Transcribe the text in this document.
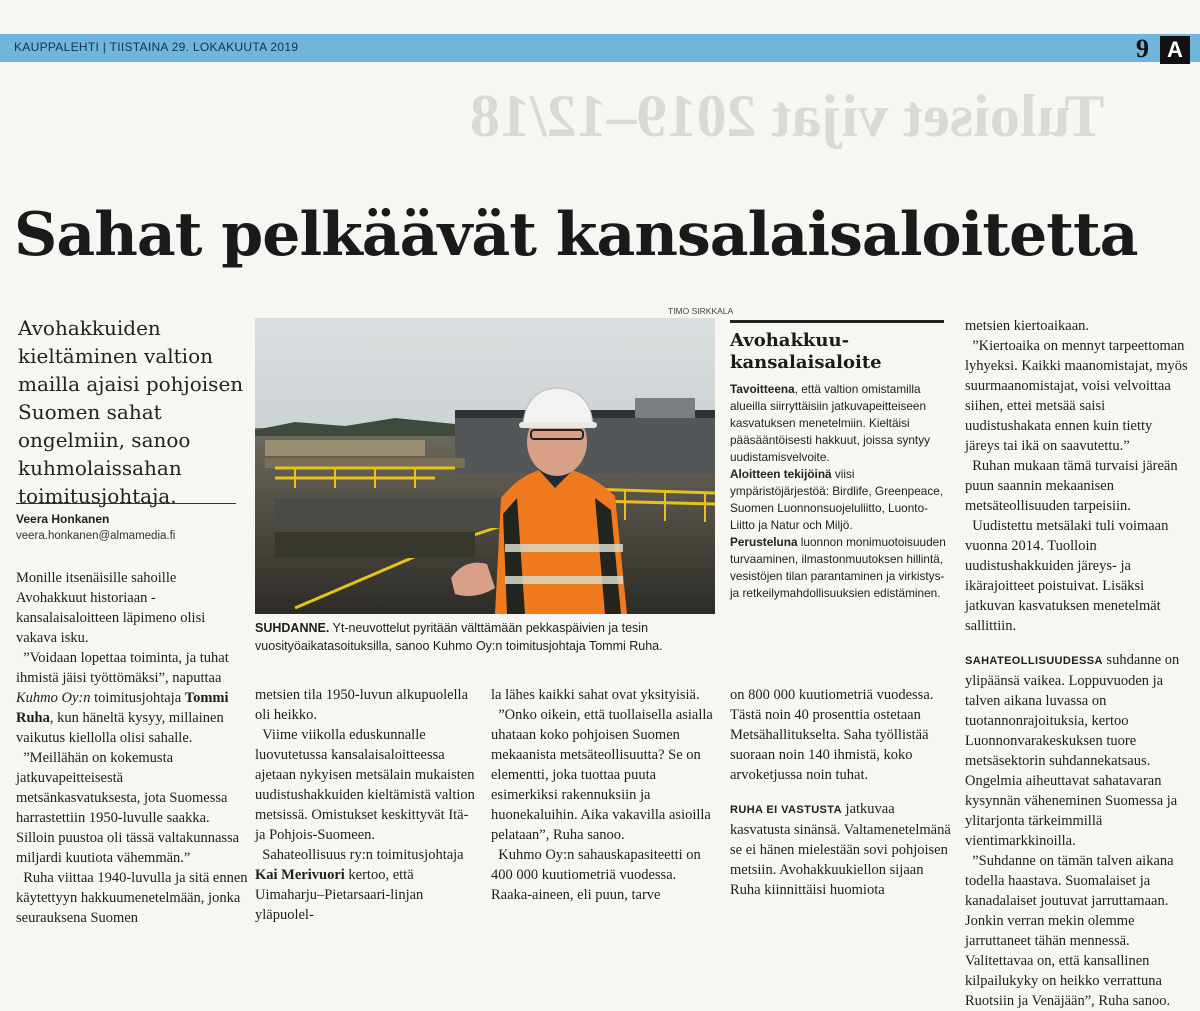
KAUPPALEHTI | TIISTAINA 29. LOKAKUUTA 2019	9 A
Tuloiset vijat 2019–12/18
Sahat pelkäävät kansalaisaloitetta

Avohakkuiden kieltäminen valtion mailla ajaisi pohjoisen Suomen sahat ongelmiin, sanoo kuhmolaissahan toimitusjohtaja.

Veera Honkanen
veera.honkanen@almamedia.fi

Monille itsenäisille sahoille Avohakkuut historiaan -kansalaisaloitteen läpimeno olisi vakava isku.

”Voidaan lopettaa toiminta, ja tuhat ihmistä jäisi työttömäksi”, naputtaa Kuhmo Oy:n toimitusjohtaja Tommi Ruha, kun häneltä kysyy, millainen vaikutus kiellolla olisi sahalle.

”Meillähän on kokemusta jatkuvapeitteisestä metsänkasvatuksesta, jota Suomessa harrastettiin 1950-luvulle saakka. Silloin puustoa oli tässä valtakunnassa miljardi kuutiota vähemmän.”

Ruha viittaa 1940-luvulla ja sitä ennen käytettyyn hakkuumenetelmään, jonka seurauksena Suomen

TIMO SIRKKALA
SUHDANNE. Yt-neuvottelut pyritään välttämään pekkaspäivien ja tesin vuosityöaikatasoituksilla, sanoo Kuhmo Oy:n toimitusjohtaja Tommi Ruha.
Avohakkuu-kansalaisaloite

Tavoitteena, että valtion omistamilla alueilla siirryttäisiin jatkuvapeitteiseen kasvatuksen menetelmiin. Kieltäisi pääsääntöisesti hakkuut, joissa syntyy uudistamisvelvoite.

Aloitteen tekijöinä viisi ympäristöjärjestöä: Birdlife, Greenpeace, Suomen Luonnonsuojeluliitto, Luonto-Liitto ja Natur och Miljö.

Perusteluna luonnon monimuotoisuuden turvaaminen, ilmastonmuutoksen hillintä, vesistöjen tilan parantaminen ja virkistys- ja retkeilymahdollisuuksien edistäminen.

metsien tila 1950-luvun alkupuolella oli heikko.

Viime viikolla eduskunnalle luovutetussa kansalaisaloitteessa ajetaan nykyisen metsälain mukaisten uudistushakkuiden kieltämistä valtion metsissä. Omistukset keskittyvät Itä- ja Pohjois-Suomeen.

Sahateollisuus ry:n toimitusjohtaja Kai Merivuori kertoo, että Uimaharju–Pietarsaari-linjan yläpuolel-

la lähes kaikki sahat ovat yksityisiä.

”Onko oikein, että tuollaisella asialla uhataan koko pohjoisen Suomen mekaanista metsäteollisuutta? Se on elementti, joka tuottaa puuta esimerkiksi rakennuksiin ja huonekaluihin. Aika vakavilla asioilla pelataan”, Ruha sanoo.

Kuhmo Oy:n sahauskapasiteetti on 400 000 kuutiometriä vuodessa. Raaka-aineen, eli puun, tarve

on 800 000 kuutiometriä vuodessa. Tästä noin 40 prosenttia ostetaan Metsähallitukselta. Saha työllistää suoraan noin 140 ihmistä, koko arvoketjussa noin tuhat.

RUHA EI VASTUSTA jatkuvaa kasvatusta sinänsä. Valtamenetelmänä se ei hänen mielestään sovi pohjoisen metsiin. Avohakkuukiellon sijaan Ruha kiinnittäisi huomiota

metsien kiertoaikaan.

”Kiertoaika on mennyt tarpeettoman lyhyeksi. Kaikki maanomistajat, myös suurmaanomistajat, voisi velvoittaa siihen, ettei metsää saisi uudistushakata ennen kuin tietty järeys tai ikä on saavutettu.”

Ruhan mukaan tämä turvaisi järeän puun saannin mekaanisen metsäteollisuuden tarpeisiin.

Uudistettu metsälaki tuli voimaan vuonna 2014. Tuolloin uudistushakkuiden järeys- ja ikärajoitteet poistuivat. Lisäksi jatkuvan kasvatuksen menetelmät sallittiin.

SAHATEOLLISUUDESSA suhdanne on ylipäänsä vaikea. Loppuvuoden ja talven aikana luvassa on tuotannonrajoituksia, kertoo Luonnonvarakeskuksen tuore metsäsektorin suhdannekatsaus. Ongelmia aiheuttavat sahatavaran kysynnän väheneminen Suomessa ja ylitarjonta tärkeimmillä vientimarkkinoilla.

”Suhdanne on tämän talven aikana todella haastava. Suomalaiset ja kanadalaiset joutuvat jarruttamaan. Jonkin verran mekin olemme jarruttaneet tähän mennessä. Valitettavaa on, että kansallinen kilpailukyky on heikko verrattuna Ruotsiin ja Venäjään”, Ruha sanoo.
